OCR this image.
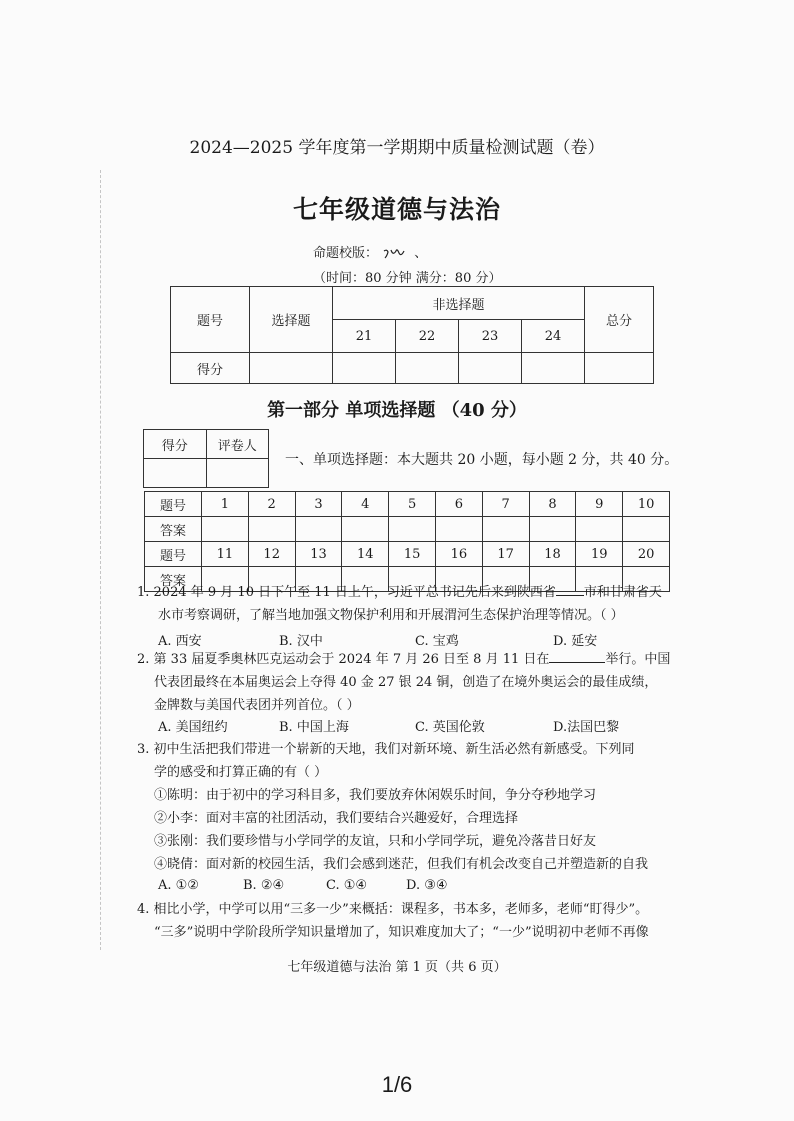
2024—2025 学年度第一学期期中质量检测试题（卷）
七年级道德与法治
命题校版：	、
（时间：80 分钟 满分：80 分）
题号	选择题	非选择题				总分
		21	22	23	24	
得分						
第一部分 单项选择题 （40 分）
得分	评卷人

一、单项选择题：本大题共 20 小题，每小题 2 分，共 40 分。
题号	1	2	3	4	5	6	7	8	9	10
答案										
题号	11	12	13	14	15	16	17	18	19	20
答案										
1. 2024 年 9 月 10 日下午至 11 日上午，习近平总书记先后来到陕西省 市和甘肃省天
水市考察调研，了解当地加强文物保护利用和开展渭河生态保护治理等情况。（ ）
A. 西安	B. 汉中	C. 宝鸡	D. 延安
2. 第 33 届夏季奥林匹克运动会于 2024 年 7 月 26 日至 8 月 11 日在	举行。中国
代表团最终在本届奥运会上夺得 40 金 27 银 24 铜，创造了在境外奥运会的最佳成绩，
金牌数与美国代表团并列首位。（ ）
A. 美国纽约	B. 中国上海	C. 英国伦敦	D.法国巴黎
3. 初中生活把我们带进一个崭新的天地，我们对新环境、新生活必然有新感受。下列同
学的感受和打算正确的有（ ）
①陈明：由于初中的学习科目多，我们要放弃休闲娱乐时间，争分夺秒地学习
②小李：面对丰富的社团活动，我们要结合兴趣爱好，合理选择
③张刚：我们要珍惜与小学同学的友谊，只和小学同学玩，避免冷落昔日好友
④晓倩：面对新的校园生活，我们会感到迷茫，但我们有机会改变自己并塑造新的自我
A. ①②	B. ②④	C. ①④	D. ③④
4. 相比小学，中学可以用“三多一少”来概括：课程多，书本多，老师多，老师“盯得少”。
“三多”说明中学阶段所学知识量增加了，知识难度加大了；“一少”说明初中老师不再像
七年级道德与法治 第 1 页（共 6 页）
1/6
